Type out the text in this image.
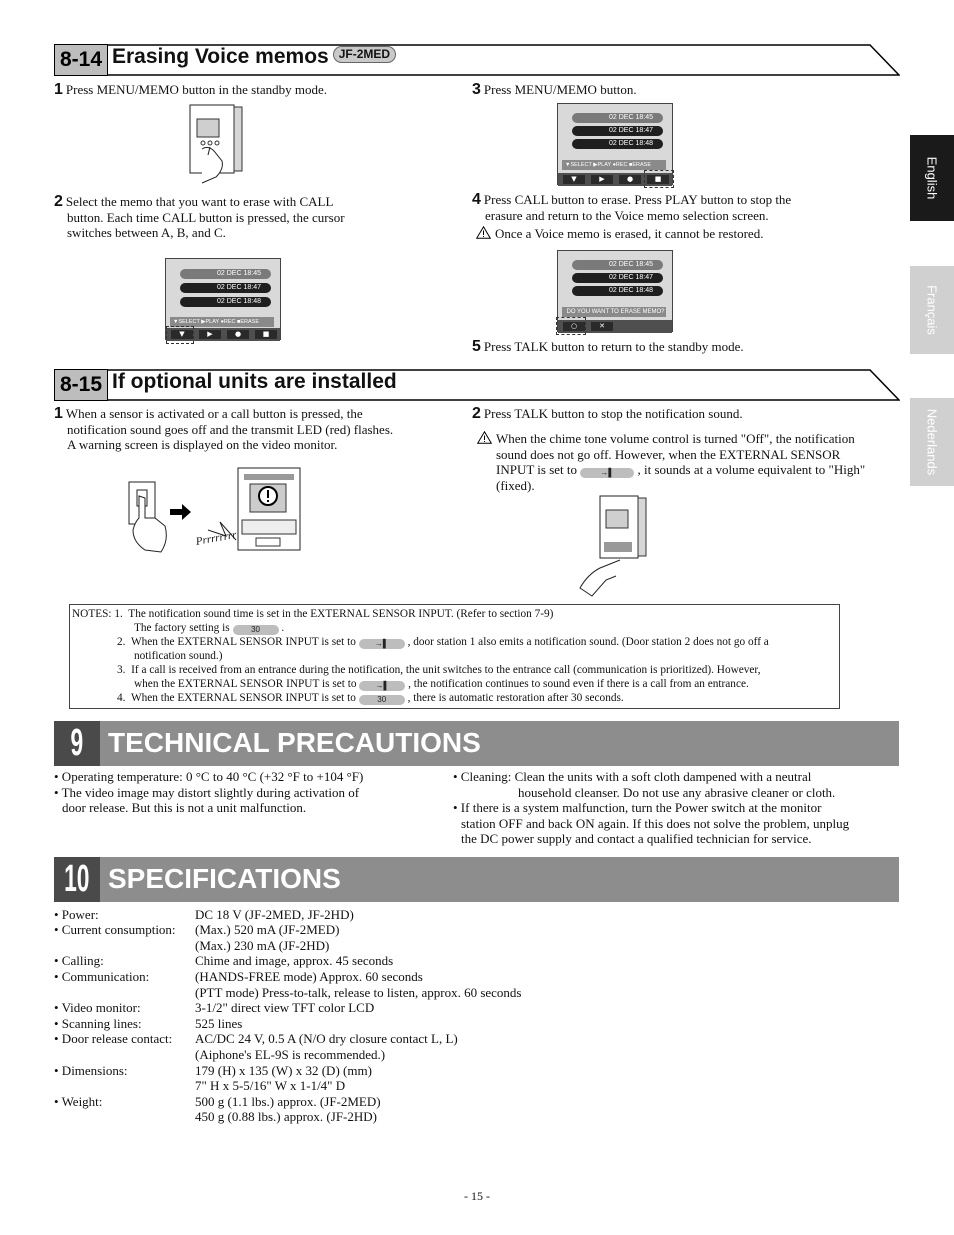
8-14 Erasing Voice memos JF-2MED
1 Press MENU/MEMO button in the standby mode.
2 Select the memo that you want to erase with CALL
button. Each time CALL button is pressed, the cursor
switches between A, B, and C.
02 DEC 18:45
02 DEC 18:47
02 DEC 18:48
▼SELECT ▶PLAY ●REC ■ERASE
▼	▶	●	■
3 Press MENU/MEMO button.
02 DEC 18:45
02 DEC 18:47
02 DEC 18:48
▼SELECT ▶PLAY ●REC ■ERASE
▼	▶	●	■
4 Press CALL button to erase. Press PLAY button to stop the
erasure and return to the Voice memo selection screen.
Once a Voice memo is erased, it cannot be restored.
02 DEC 18:45
02 DEC 18:47
02 DEC 18:48
DO YOU WANT TO ERASE MEMO?
○	✕
5 Press TALK button to return to the standby mode.
8-15 If optional units are installed
1 When a sensor is activated or a call button is pressed, the
notification sound goes off and the transmit LED (red) flashes.
A warning screen is displayed on the video monitor.
Prrrrrrrr
2 Press TALK button to stop the notification sound.
When the chime tone volume control is turned "Off", the notification
sound does not go off. However, when the EXTERNAL SENSOR
INPUT is set to	→▌ , it sounds at a volume equivalent to "High"
(fixed).
NOTES: 1. The notification sound time is set in the EXTERNAL SENSOR INPUT. (Refer to section 7-9)
The factory setting is	30 .
2. When the EXTERNAL SENSOR INPUT is set to →▌ , door station 1 also emits a notification sound. (Door station 2 does not go off a
notification sound.)
3. If a call is received from an entrance during the notification, the unit switches to the entrance call (communication is prioritized). However,
when the EXTERNAL SENSOR INPUT is set to →▌ , the notification continues to sound even if there is a call from an entrance.
4. When the EXTERNAL SENSOR INPUT is set to	30 , there is automatic restoration after 30 seconds.
9 TECHNICAL PRECAUTIONS
• Operating temperature: 0 °C to 40 °C (+32 °F to +104 °F)
• The video image may distort slightly during activation of
door release. But this is not a unit malfunction.
• Cleaning: Clean the units with a soft cloth dampened with a neutral
household cleanser. Do not use any abrasive cleaner or cloth.
• If there is a system malfunction, turn the Power switch at the monitor
station OFF and back ON again. If this does not solve the problem, unplug
the DC power supply and contact a qualified technician for service.
10 SPECIFICATIONS
• Power:	DC 18 V (JF-2MED, JF-2HD)
• Current consumption: (Max.) 520 mA (JF-2MED)
(Max.) 230 mA (JF-2HD)
• Calling:	Chime and image, approx. 45 seconds
• Communication:	(HANDS-FREE mode) Approx. 60 seconds
(PTT mode) Press-to-talk, release to listen, approx. 60 seconds
• Video monitor:	3-1/2" direct view TFT color LCD
• Scanning lines:	525 lines
• Door release contact: AC/DC 24 V, 0.5 A (N/O dry closure contact L, L)
(Aiphone's EL-9S is recommended.)
• Dimensions:	179 (H) x 135 (W) x 32 (D) (mm)
7" H x 5-5/16" W x 1-1/4" D
• Weight:	500 g (1.1 lbs.) approx. (JF-2MED)
450 g (0.88 lbs.) approx. (JF-2HD)
- 15 -
English
Français
Nederlands
